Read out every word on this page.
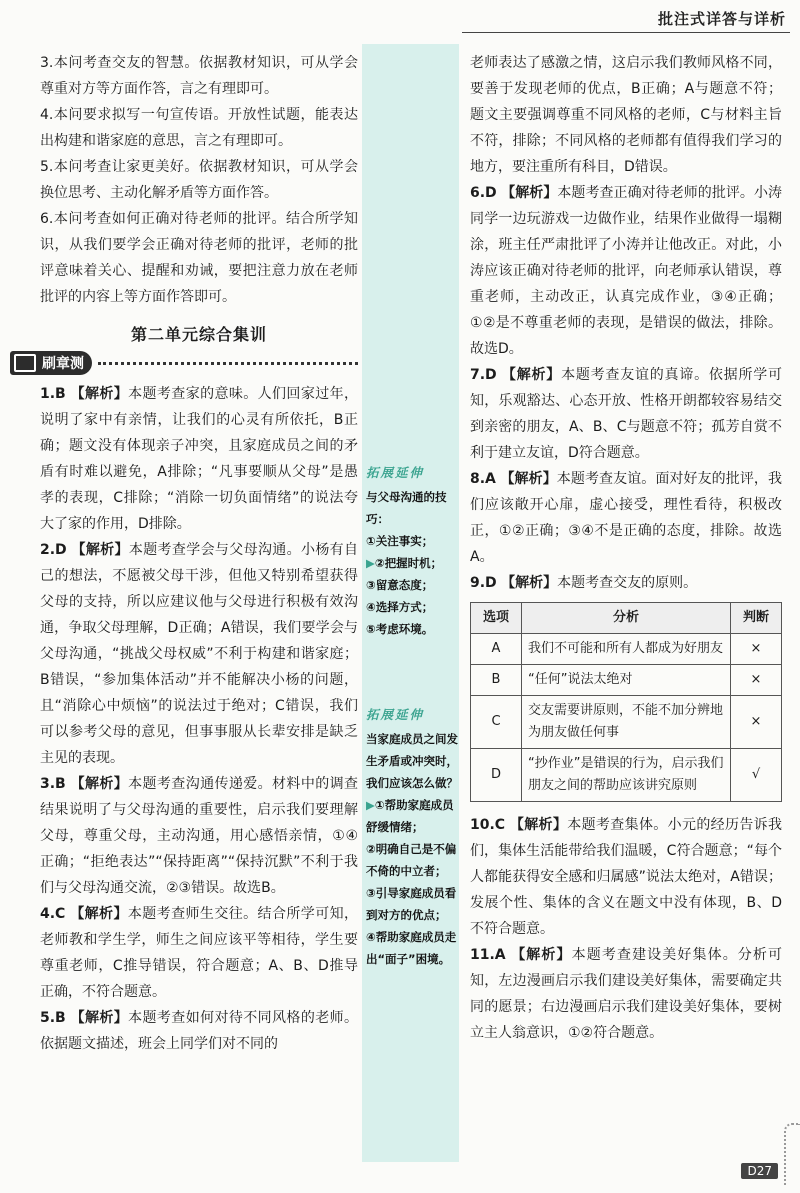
批注式详答与详析

3.本问考查交友的智慧。依据教材知识，可从学会尊重对方等方面作答，言之有理即可。

4.本问要求拟写一句宣传语。开放性试题，能表达出构建和谐家庭的意思，言之有理即可。

5.本问考查让家更美好。依据教材知识，可从学会换位思考、主动化解矛盾等方面作答。

6.本问考查如何正确对待老师的批评。结合所学知识，从我们要学会正确对待老师的批评，老师的批评意味着关心、提醒和劝诫，要把注意力放在老师批评的内容上等方面作答即可。

第二单元综合集训
刷章测

1.B 【解析】本题考查家的意味。人们回家过年，说明了家中有亲情，让我们的心灵有所依托，B正确；题文没有体现亲子冲突，且家庭成员之间的矛盾有时难以避免，A排除；“凡事要顺从父母”是愚孝的表现，C排除；“消除一切负面情绪”的说法夸大了家的作用，D排除。

2.D 【解析】本题考查学会与父母沟通。小杨有自己的想法，不愿被父母干涉，但他又特别希望获得父母的支持，所以应建议他与父母进行积极有效沟通，争取父母理解，D正确；A错误，我们要学会与父母沟通，“挑战父母权威”不利于构建和谐家庭；B错误，“参加集体活动”并不能解决小杨的问题，且“消除心中烦恼”的说法过于绝对；C错误，我们可以参考父母的意见，但事事服从长辈安排是缺乏主见的表现。

3.B 【解析】本题考查沟通传递爱。材料中的调查结果说明了与父母沟通的重要性，启示我们要理解父母，尊重父母，主动沟通，用心感悟亲情，①④正确；“拒绝表达”“保持距离”“保持沉默”不利于我们与父母沟通交流，②③错误。故选B。

4.C 【解析】本题考查师生交往。结合所学可知，老师教和学生学，师生之间应该平等相待，学生要尊重老师，C推导错误，符合题意；A、B、D推导正确，不符合题意。

5.B 【解析】本题考查如何对待不同风格的老师。依据题文描述，班会上同学们对不同的

拓展延伸
与父母沟通的技巧：
①关注事实；
▶②把握时机；
③留意态度；
④选择方式；
⑤考虑环境。
拓展延伸
当家庭成员之间发生矛盾或冲突时，我们应该怎么做？
▶①帮助家庭成员舒缓情绪；
②明确自己是不偏不倚的中立者；
③引导家庭成员看到对方的优点；
④帮助家庭成员走出“面子”困境。

老师表达了感激之情，这启示我们教师风格不同，要善于发现老师的优点，B正确；A与题意不符；题文主要强调尊重不同风格的老师，C与材料主旨不符，排除；不同风格的老师都有值得我们学习的地方，要注重所有科目，D错误。

6.D 【解析】本题考查正确对待老师的批评。小涛同学一边玩游戏一边做作业，结果作业做得一塌糊涂，班主任严肃批评了小涛并让他改正。对此，小涛应该正确对待老师的批评，向老师承认错误，尊重老师，主动改正，认真完成作业，③④正确；①②是不尊重老师的表现，是错误的做法，排除。故选D。

7.D 【解析】本题考查友谊的真谛。依据所学可知，乐观豁达、心态开放、性格开朗都较容易结交到亲密的朋友，A、B、C与题意不符；孤芳自赏不利于建立友谊，D符合题意。

8.A 【解析】本题考查友谊。面对好友的批评，我们应该敞开心扉，虚心接受，理性看待，积极改正，①②正确；③④不是正确的态度，排除。故选A。

9.D 【解析】本题考查交友的原则。

选项	分析	判断
A	我们不可能和所有人都成为好朋友	×
B	“任何”说法太绝对	×
C	交友需要讲原则，不能不加分辨地为朋友做任何事	×
D	“抄作业”是错误的行为，启示我们朋友之间的帮助应该讲究原则	√

10.C 【解析】本题考查集体。小元的经历告诉我们，集体生活能带给我们温暖，C符合题意；“每个人都能获得安全感和归属感”说法太绝对，A错误；发展个性、集体的含义在题文中没有体现，B、D不符合题意。

11.A 【解析】本题考查建设美好集体。分析可知，左边漫画启示我们建设美好集体，需要确定共同的愿景；右边漫画启示我们建设美好集体，要树立主人翁意识，①②符合题意。

D27
